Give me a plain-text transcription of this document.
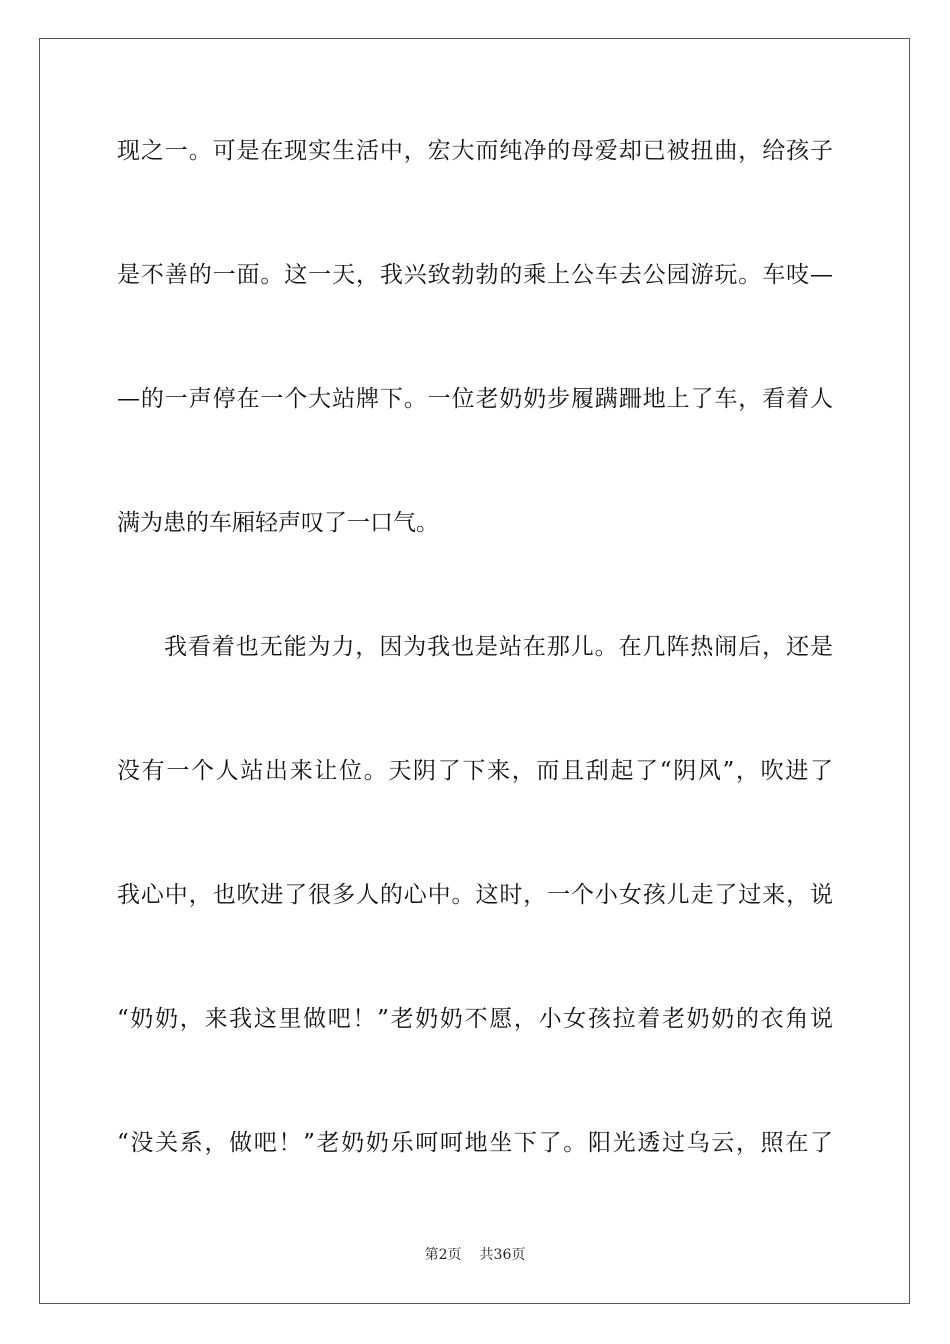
现之一。可是在现实生活中，宏大而纯净的母爱却已被扭曲，给孩子
是不善的一面。这一天，我兴致勃勃的乘上公车去公园游玩。车吱—
—的一声停在一个大站牌下。一位老奶奶步履蹒跚地上了车，看着人
满为患的车厢轻声叹了一口气。
我看着也无能为力，因为我也是站在那儿。在几阵热闹后，还是
没有一个人站出来让位。天阴了下来，而且刮起了“阴风”，吹进了
我心中，也吹进了很多人的心中。这时，一个小女孩儿走了过来，说
“奶奶，来我这里做吧！”老奶奶不愿，小女孩拉着老奶奶的衣角说
“没关系，做吧！”老奶奶乐呵呵地坐下了。阳光透过乌云，照在了
第2页 共36页
